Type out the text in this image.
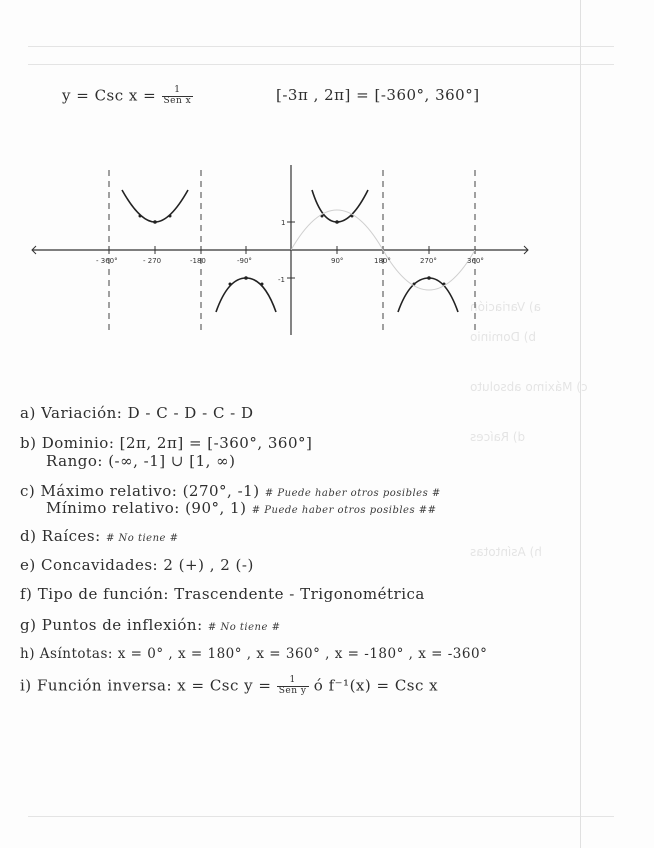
a) Variación
b) Dominio
c) Máximo absoluto
d) Raíces
h) Asíntotas
y = Csc $x = \frac{1}{\text{Sen x}}$	[-3π , 2π] = [-360°, 360°]
- 360°	- 270	-180	-90°	90°	180°	270°	360°
1
-1
a) Variación: D - C - D - C - D
b) Dominio: [2π, 2π] = [-360°, 360°]
Rango: (-∞, -1] ∪ [1, ∞)
c) Máximo relativo: (270°, -1) # Puede haber otros posibles #
Mínimo relativo: (90°, 1) # Puede haber otros posibles ##
d) Raíces: # No tiene #
e) Concavidades: 2 (+) , 2 (-)
f) Tipo de función: Trascendente - Trigonométrica
g) Puntos de inflexión: # No tiene #
h) Asíntotas: x = 0° , x = 180° , x = 360° , x = -180° , x = -360°
i) Función inversa: x = Csc $y = \frac{1}{\text{Sen y}}$ ó f⁻¹(x) = Csc x
